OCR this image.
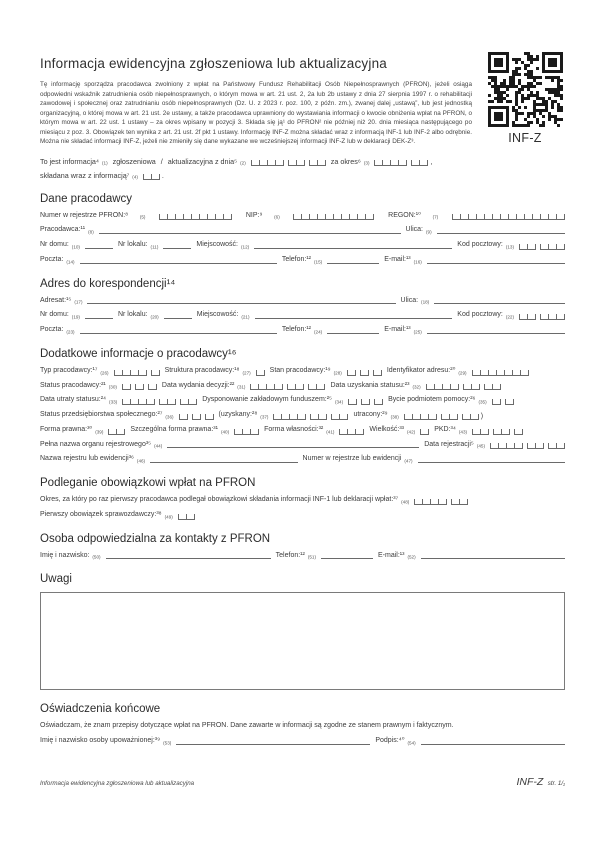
INF-Z
Informacja ewidencyjna zgłoszeniowa lub aktualizacyjna

Tę informację sporządza pracodawca zwolniony z wpłat na Państwowy Fundusz Rehabilitacji Osób Niepełnosprawnych (PFRON), jeżeli osiąga odpowiedni wskaźnik zatrudnienia osób niepełnosprawnych, o którym mowa w art. 21 ust. 2, 2a lub 2b ustawy z dnia 27 sierpnia 1997 r. o rehabilitacji zawodowej i społecznej oraz zatrudnianiu osób niepełnosprawnych (Dz. U. z 2023 r. poz. 100, z późn. zm.), zwanej dalej „ustawą”, lub jest jednostką organizacyjną, o której mowa w art. 21 ust. 2e ustawy, a także pracodawca uprawniony do wystawiania informacji o kwocie obniżenia wpłat na PFRON, o którym mowa w art. 22 ust. 1 ustawy – za okres wpisany w pozycji 3. Składa się ją¹ do PFRON² nie później niż 20. dnia miesiąca następującego po miesiącu z poz. 3. Obowiązek ten wynika z art. 21 ust. 2f pkt 1 ustawy. Informację INF-Z można składać wraz z informacją INF-1 lub INF-2 albo odrębnie. Można nie składać informacji INF-Z, jeżeli nie zmieniły się dane wykazane we wcześniejszej informacji INF-Z lub w deklaracji DEK-Z³.

To jest informacja⁴ (1) zgłoszeniowa / aktualizacyjna z dnia⁵ (2)	za okres⁶ (3)	,
składana wraz z informacją⁷ (4)	.
Dane pracodawcy
Numer w rejestrze PFRON:⁸	(5)	NIP:⁹	(6)	REGON:¹⁰	(7)
Pracodawca:¹¹ (8)	Ulica: (9)
Nr domu: (10)	Nr lokalu: (11)	Miejscowość: (12)	Kod pocztowy: (13)
Poczta: (14)	Telefon:¹² (15)	E-mail:¹³ (16)
Adres do korespondencji¹⁴
Adresat:¹⁵ (17)	Ulica: (18)
Nr domu: (19)	Nr lokalu: (20)	Miejscowość: (21)	Kod pocztowy: (22)
Poczta: (23)	Telefon:¹² (24)	E-mail:¹³ (25)
Dodatkowe informacje o pracodawcy¹⁶
Typ pracodawcy:¹⁷ (26)	Struktura pracodawcy:¹⁸ (27)	Stan pracodawcy:¹⁹ (28)	Identyfikator adresu:²⁰ (29)
Status pracodawcy:²¹ (30)	Data wydania decyzji:²² (31)	Data uzyskania statusu:²³ (32)
Data utraty statusu:²⁴ (33)	Dysponowanie zakładowym funduszem:²⁵ (34)	Bycie podmiotem pomocy:²⁶ (35)
Status przedsiębiorstwa społecznego:²⁷ (36)	(uzyskany:²⁸ (37)	utracony:²⁹ (38)	)
Forma prawna:³⁰ (39)	Szczególna forma prawna:³¹ (40)	Forma własności:³² (41)	Wielkość:³³ (42)	PKD:³⁴ (43)
Pełna nazwa organu rejestrowego³⁵ (44)	Data rejestracji⁵ (45)
Nazwa rejestru lub ewidencji³⁶ (46)	Numer w rejestrze lub ewidencji (47)
Podleganie obowiązkowi wpłat na PFRON
Okres, za który po raz pierwszy pracodawca podlegał obowiązkowi składania informacji INF-1 lub deklaracji wpłat:³⁷ (48)
Pierwszy obowiązek sprawozdawczy:³⁸ (49)
Osoba odpowiedzialna za kontakty z PFRON
Imię i nazwisko: (50)	Telefon:¹² (51)	E-mail:¹³ (52)
Uwagi
Oświadczenia końcowe

Oświadczam, że znam przepisy dotyczące wpłat na PFRON. Dane zawarte w informacji są zgodne ze stanem prawnym i faktycznym.

Imię i nazwisko osoby upoważnionej:³⁹ (53)	Podpis:⁴⁰ (54)
Informacja ewidencyjna zgłoszeniowa lub aktualizacyjna	INF-Z str. 1/₁
